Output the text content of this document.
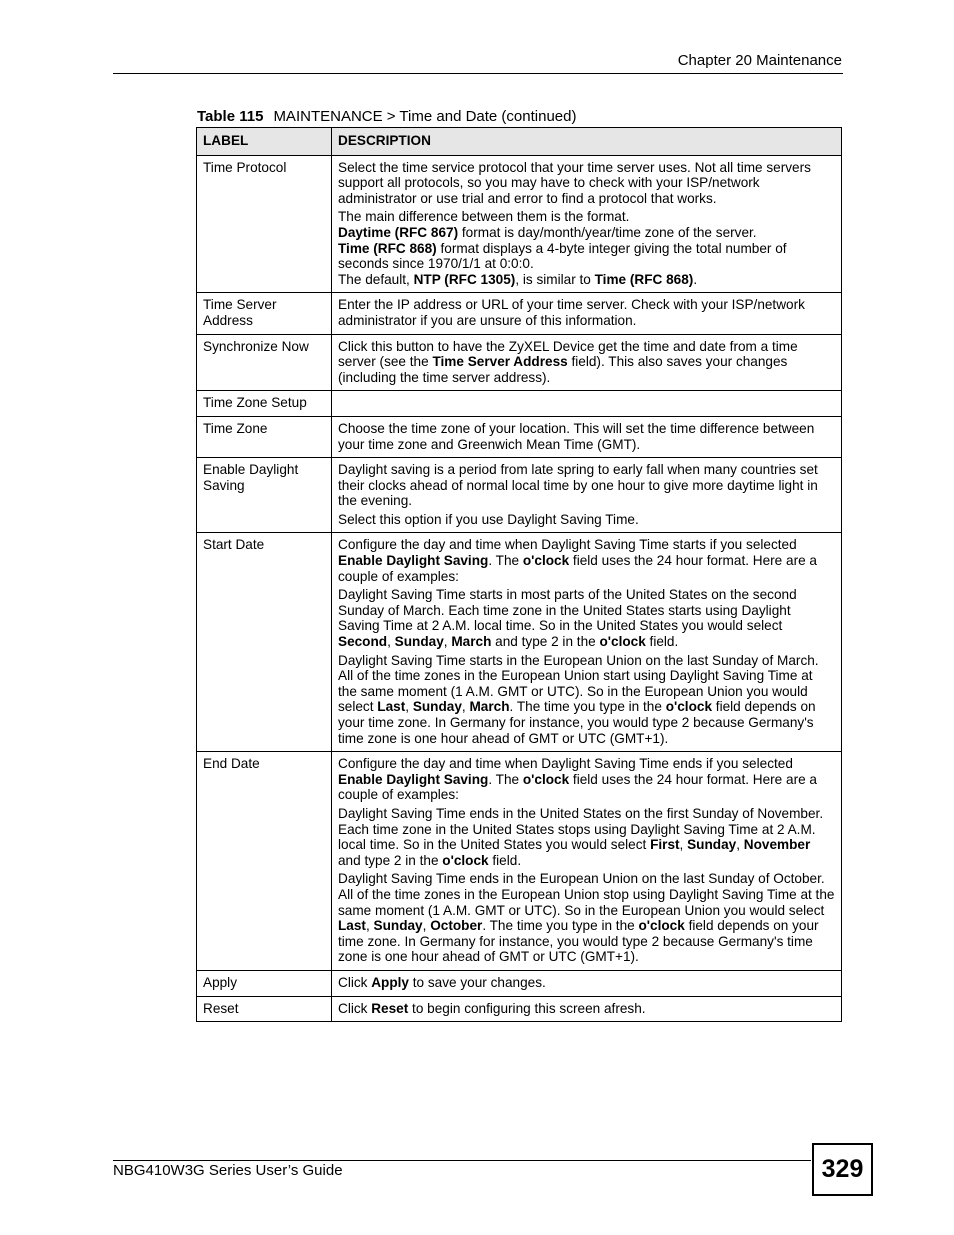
Chapter 20 Maintenance
Table 115 MAINTENANCE > Time and Date (continued)
LABEL	DESCRIPTION
Time Protocol	Select the time service protocol that your time server uses. Not all time servers support all protocols, so you may have to check with your ISP/network administrator or use trial and error to find a protocol that works.

The main difference between them is the format.
Daytime (RFC 867) format is day/month/year/time zone of the server.
Time (RFC 868) format displays a 4-byte integer giving the total number of seconds since 1970/1/1 at 0:0:0.
The default, NTP (RFC 1305), is similar to Time (RFC 868).

Time Server Address	Enter the IP address or URL of your time server. Check with your ISP/network administrator if you are unsure of this information.

Synchronize Now	Click this button to have the ZyXEL Device get the time and date from a time server (see the Time Server Address field). This also saves your changes (including the time server address).

Time Zone Setup	
Time Zone	Choose the time zone of your location. This will set the time difference between your time zone and Greenwich Mean Time (GMT).

Enable Daylight Saving	Daylight saving is a period from late spring to early fall when many countries set their clocks ahead of normal local time by one hour to give more daytime light in the evening.

Select this option if you use Daylight Saving Time.

Start Date	Configure the day and time when Daylight Saving Time starts if you selected Enable Daylight Saving. The o'clock field uses the 24 hour format. Here are a couple of examples:

Daylight Saving Time starts in most parts of the United States on the second Sunday of March. Each time zone in the United States starts using Daylight Saving Time at 2 A.M. local time. So in the United States you would select Second, Sunday, March and type 2 in the o'clock field.

Daylight Saving Time starts in the European Union on the last Sunday of March. All of the time zones in the European Union start using Daylight Saving Time at the same moment (1 A.M. GMT or UTC). So in the European Union you would select Last, Sunday, March. The time you type in the o'clock field depends on your time zone. In Germany for instance, you would type 2 because Germany's time zone is one hour ahead of GMT or UTC (GMT+1).

End Date	Configure the day and time when Daylight Saving Time ends if you selected Enable Daylight Saving. The o'clock field uses the 24 hour format. Here are a couple of examples:

Daylight Saving Time ends in the United States on the first Sunday of November. Each time zone in the United States stops using Daylight Saving Time at 2 A.M. local time. So in the United States you would select First, Sunday, November and type 2 in the o'clock field.

Daylight Saving Time ends in the European Union on the last Sunday of October. All of the time zones in the European Union stop using Daylight Saving Time at the same moment (1 A.M. GMT or UTC). So in the European Union you would select Last, Sunday, October. The time you type in the o'clock field depends on your time zone. In Germany for instance, you would type 2 because Germany's time zone is one hour ahead of GMT or UTC (GMT+1).

Apply	Click Apply to save your changes.

Reset	Click Reset to begin configuring this screen afresh.

NBG410W3G Series User’s Guide	329
